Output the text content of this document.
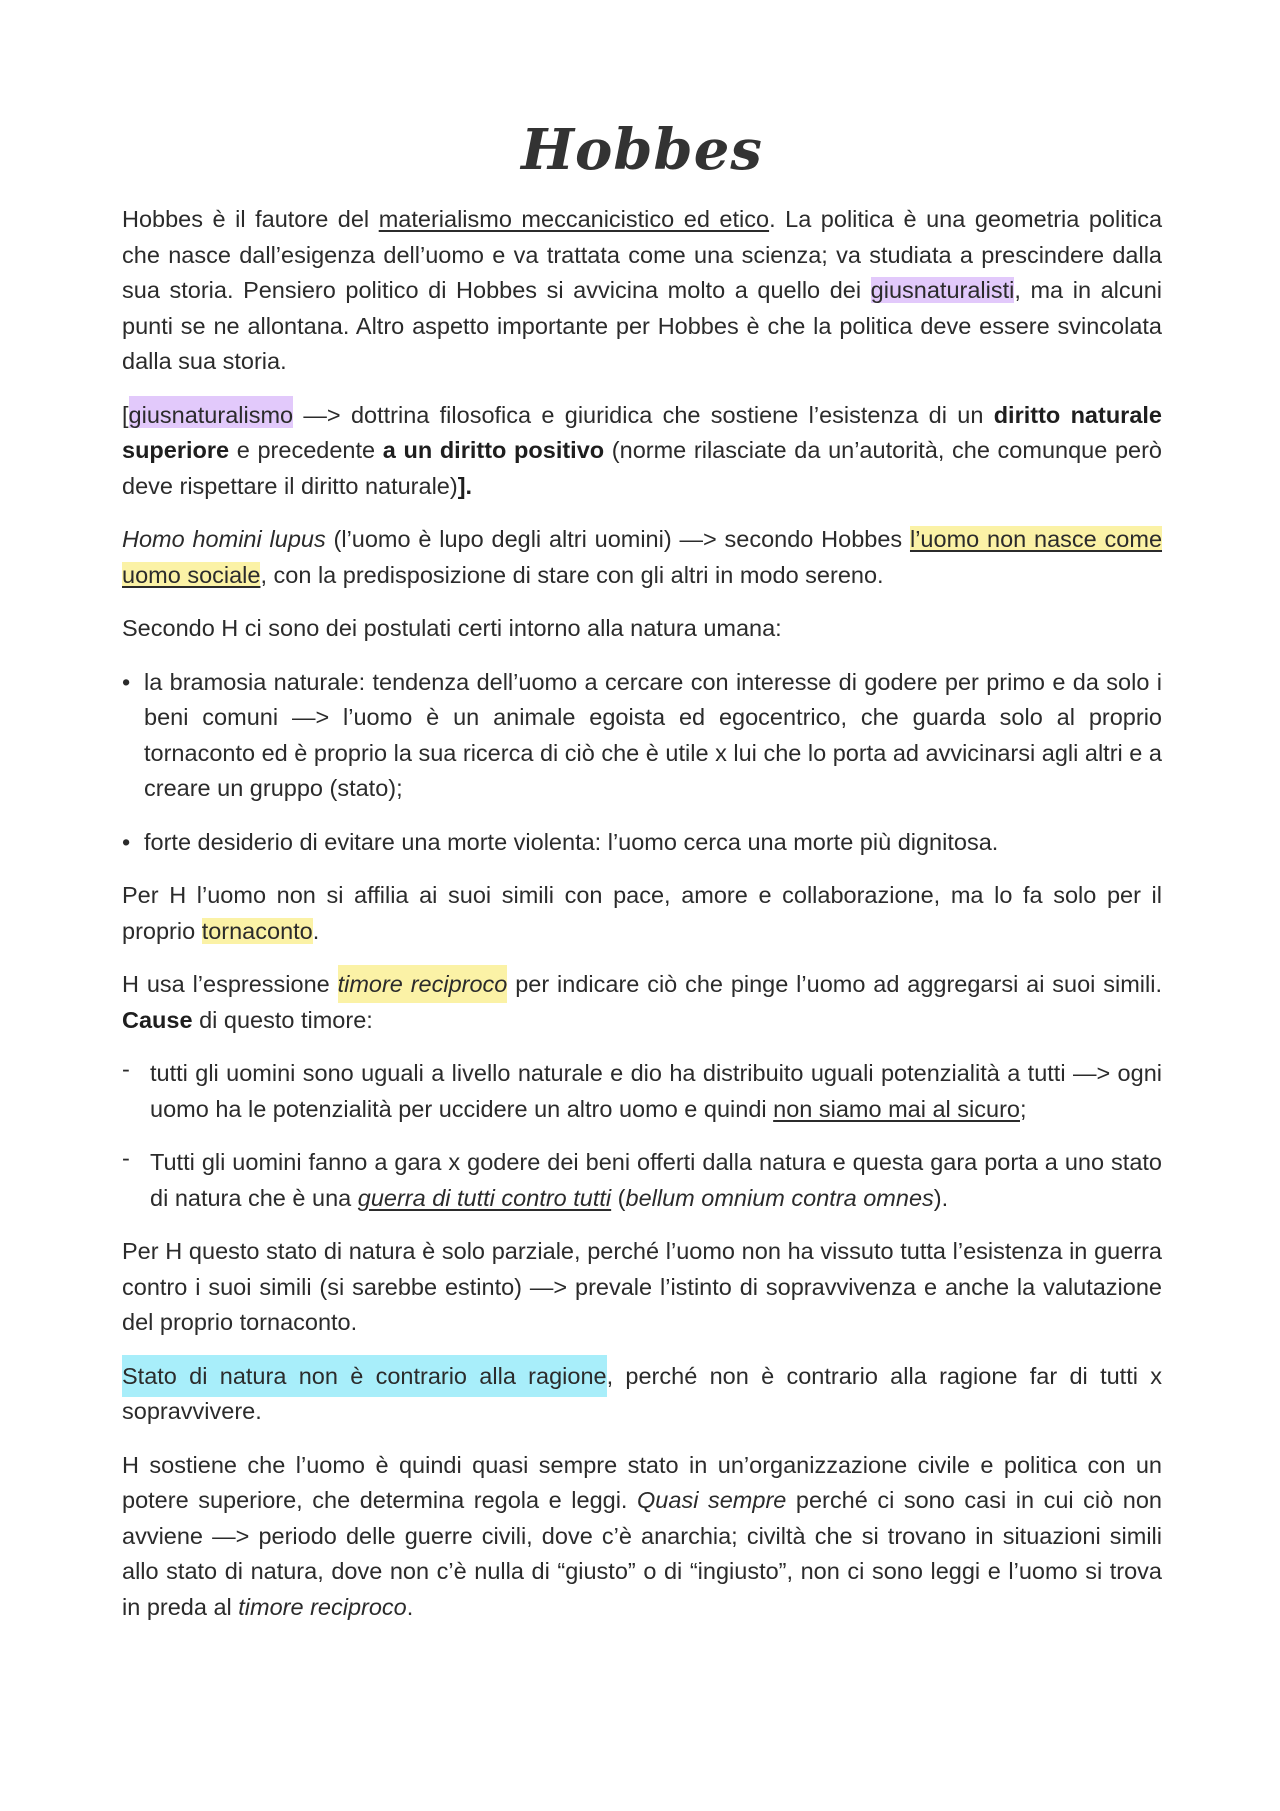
Hobbes

Hobbes è il fautore del materialismo meccanicistico ed etico. La politica è una geometria politica che nasce dall’esigenza dell’uomo e va trattata come una scienza; va studiata a prescindere dalla sua storia. Pensiero politico di Hobbes si avvicina molto a quello dei giusnaturalisti, ma in alcuni punti se ne allontana. Altro aspetto importante per Hobbes è che la politica deve essere svincolata dalla sua storia.

[giusnaturalismo —> dottrina filosofica e giuridica che sostiene l’esistenza di un diritto naturale superiore e precedente a un diritto positivo (norme rilasciate da un’autorità, che comunque però deve rispettare il diritto naturale)].

Homo homini lupus (l’uomo è lupo degli altri uomini) —> secondo Hobbes l’uomo non nasce come uomo sociale, con la predisposizione di stare con gli altri in modo sereno.

Secondo H ci sono dei postulati certi intorno alla natura umana:

• la bramosia naturale: tendenza dell’uomo a cercare con interesse di godere per primo e da solo i beni comuni —> l’uomo è un animale egoista ed egocentrico, che guarda solo al proprio tornaconto ed è proprio la sua ricerca di ciò che è utile x lui che lo porta ad avvicinarsi agli altri e a creare un gruppo (stato);
• forte desiderio di evitare una morte violenta: l’uomo cerca una morte più dignitosa.

Per H l’uomo non si affilia ai suoi simili con pace, amore e collaborazione, ma lo fa solo per il proprio tornaconto.

H usa l’espressione timore reciproco per indicare ciò che pinge l’uomo ad aggregarsi ai suoi simili. Cause di questo timore:

- tutti gli uomini sono uguali a livello naturale e dio ha distribuito uguali potenzialità a tutti —> ogni uomo ha le potenzialità per uccidere un altro uomo e quindi non siamo mai al sicuro;
- Tutti gli uomini fanno a gara x godere dei beni offerti dalla natura e questa gara porta a uno stato di natura che è una guerra di tutti contro tutti (bellum omnium contra omnes).

Per H questo stato di natura è solo parziale, perché l’uomo non ha vissuto tutta l’esistenza in guerra contro i suoi simili (si sarebbe estinto) —> prevale l’istinto di sopravvivenza e anche la valutazione del proprio tornaconto.

Stato di natura non è contrario alla ragione, perché non è contrario alla ragione far di tutti x sopravvivere.

H sostiene che l’uomo è quindi quasi sempre stato in un’organizzazione civile e politica con un potere superiore, che determina regola e leggi. Quasi sempre perché ci sono casi in cui ciò non avviene —> periodo delle guerre civili, dove c’è anarchia; civiltà che si trovano in situazioni simili allo stato di natura, dove non c’è nulla di “giusto” o di “ingiusto”, non ci sono leggi e l’uomo si trova in preda al timore reciproco.
